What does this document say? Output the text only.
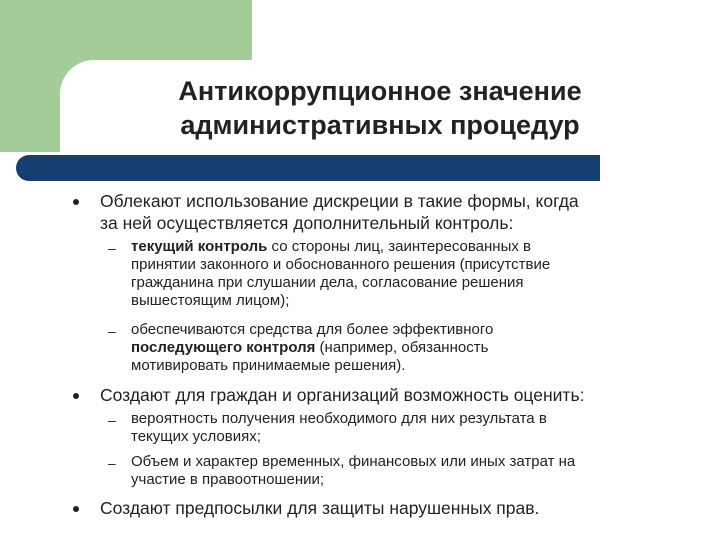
Антикоррупционное значение
административных процедур
Облекают использование дискреции в такие формы, когда
за ней осуществляется дополнительный контроль:
– текущий контроль со стороны лиц, заинтересованных в
принятии законного и обоснованного решения (присутствие
гражданина при слушании дела, согласование решения
вышестоящим лицом);
– обеспечиваются средства для более эффективного
последующего контроля (например, обязанность
мотивировать принимаемые решения).
Создают для граждан и организаций возможность оценить:
– вероятность получения необходимого для них результата в
текущих условиях;
– Объем и характер временных, финансовых или иных затрат на
участие в правоотношении;
Создают предпосылки для защиты нарушенных прав.
